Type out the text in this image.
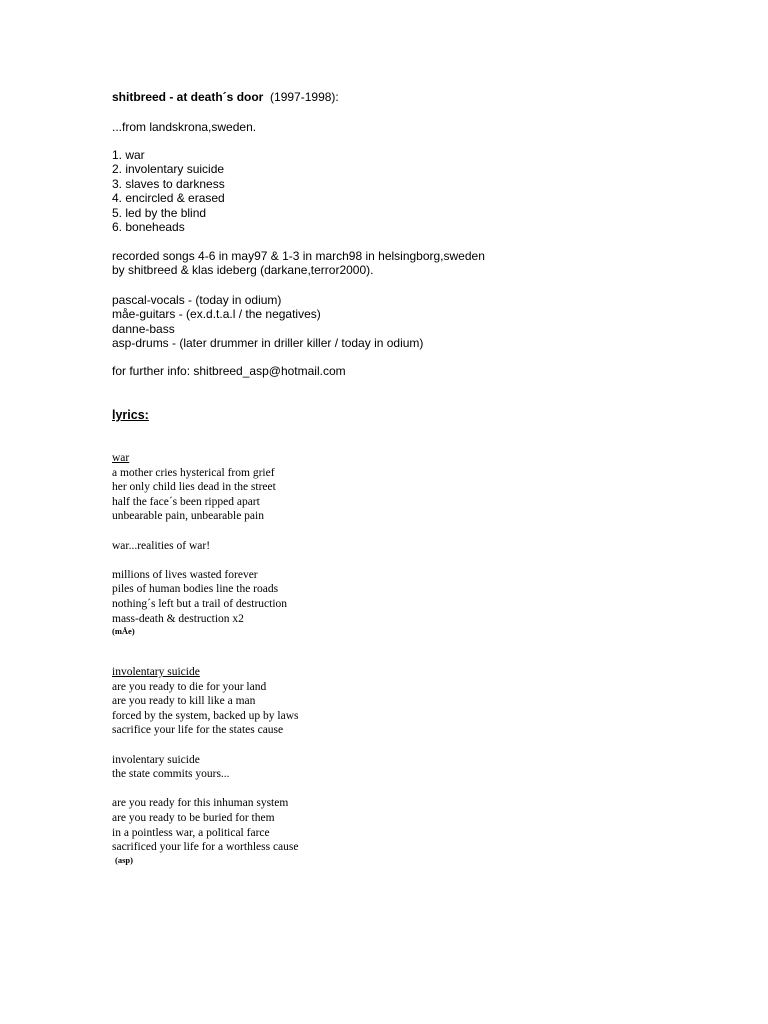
shitbreed - at death´s door (1997-1998):
...from landskrona,sweden.
1. war
2. involentary suicide
3. slaves to darkness
4. encircled & erased
5. led by the blind
6. boneheads
recorded songs 4-6 in may97 & 1-3 in march98 in helsingborg,sweden
by shitbreed & klas ideberg (darkane,terror2000).
pascal-vocals - (today in odium)
måe-guitars - (ex.d.t.a.l / the negatives)
danne-bass
asp-drums - (later drummer in driller killer / today in odium)
for further info: shitbreed_asp@hotmail.com
lyrics:
war
a mother cries hysterical from grief
her only child lies dead in the street
half the face´s been ripped apart
unbearable pain, unbearable pain
war...realities of war!
millions of lives wasted forever
piles of human bodies line the roads
nothing´s left but a trail of destruction
mass-death & destruction x2
(mÅe)
involentary suicide
are you ready to die for your land
are you ready to kill like a man
forced by the system, backed up by laws
sacrifice your life for the states cause
involentary suicide
the state commits yours...
are you ready for this inhuman system
are you ready to be buried for them
in a pointless war, a political farce
sacrificed your life for a worthless cause
(asp)
